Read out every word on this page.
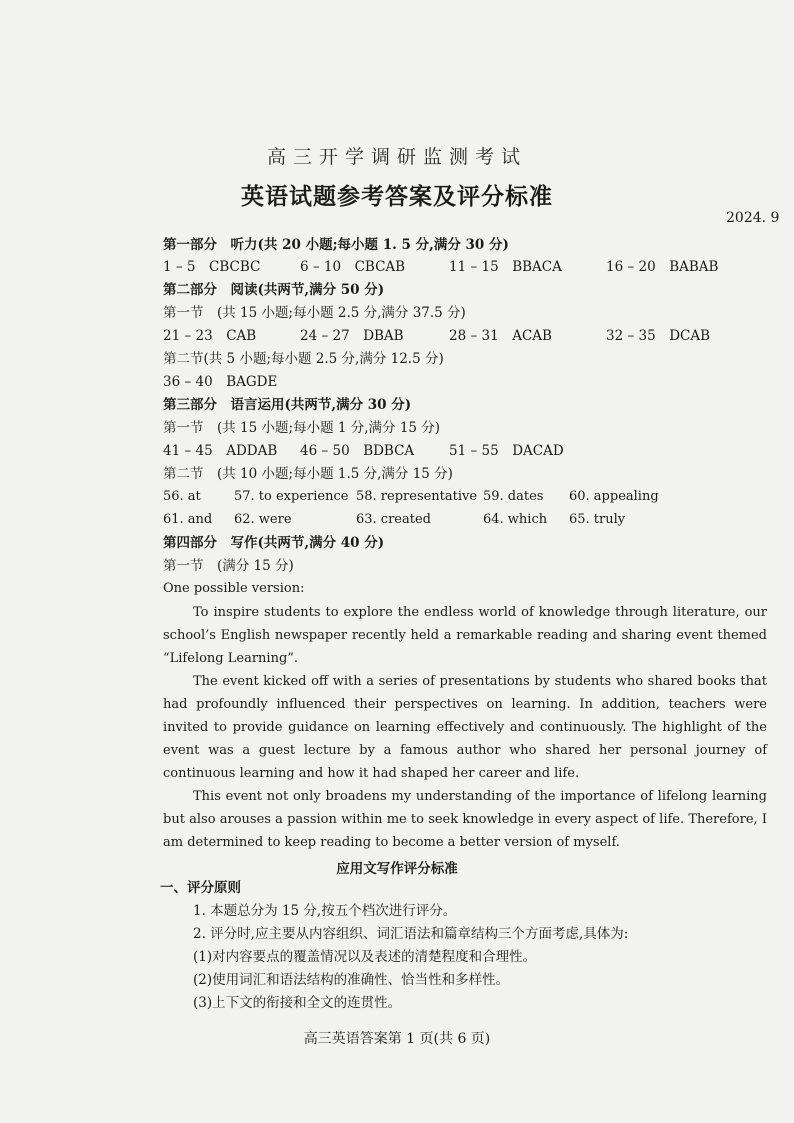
高三开学调研监测考试
英语试题参考答案及评分标准
2024. 9
第一部分　听力(共 20 小题;每小题 1. 5 分,满分 30 分)
1 – 5　CBCBC	6 – 10　CBCAB	11 – 15　BBACA	16 – 20　BABAB
第二部分　阅读(共两节,满分 50 分)
第一节　(共 15 小题;每小题 2.5 分,满分 37.5 分)
21 – 23　CAB	24 – 27　DBAB	28 – 31　ACAB	32 – 35　DCAB
第二节(共 5 小题;每小题 2.5 分,满分 12.5 分)
36 – 40　BAGDE
第三部分　语言运用(共两节,满分 30 分)
第一节　(共 15 小题;每小题 1 分,满分 15 分)
41 – 45　ADDAB 46 – 50　BDBCA	51 – 55　DACAD
第二节　(共 10 小题;每小题 1.5 分,满分 15 分)
56. at	57. to experience 58. representative 59. dates 60. appealing
61. and 62. were	63. created	64. which 65. truly
第四部分　写作(共两节,满分 40 分)
第一节　(满分 15 分)
One possible version:
To inspire students to explore the endless world of knowledge through literature, our school’s English newspaper recently held a remarkable reading and sharing event themed “Lifelong Learning”.
The event kicked off with a series of presentations by students who shared books that had profoundly influenced their perspectives on learning. In addition, teachers were invited to provide guidance on learning effectively and continuously. The highlight of the event was a guest lecture by a famous author who shared her personal journey of continuous learning and how it had shaped her career and life.
This event not only broadens my understanding of the importance of lifelong learning but also arouses a passion within me to seek knowledge in every aspect of life. Therefore, I am determined to keep reading to become a better version of myself.
应用文写作评分标准
一、评分原则
1. 本题总分为 15 分,按五个档次进行评分。
2. 评分时,应主要从内容组织、词汇语法和篇章结构三个方面考虑,具体为:
(1)对内容要点的覆盖情况以及表述的清楚程度和合理性。
(2)使用词汇和语法结构的准确性、恰当性和多样性。
(3)上下文的衔接和全文的连贯性。
高三英语答案第 1 页(共 6 页)
